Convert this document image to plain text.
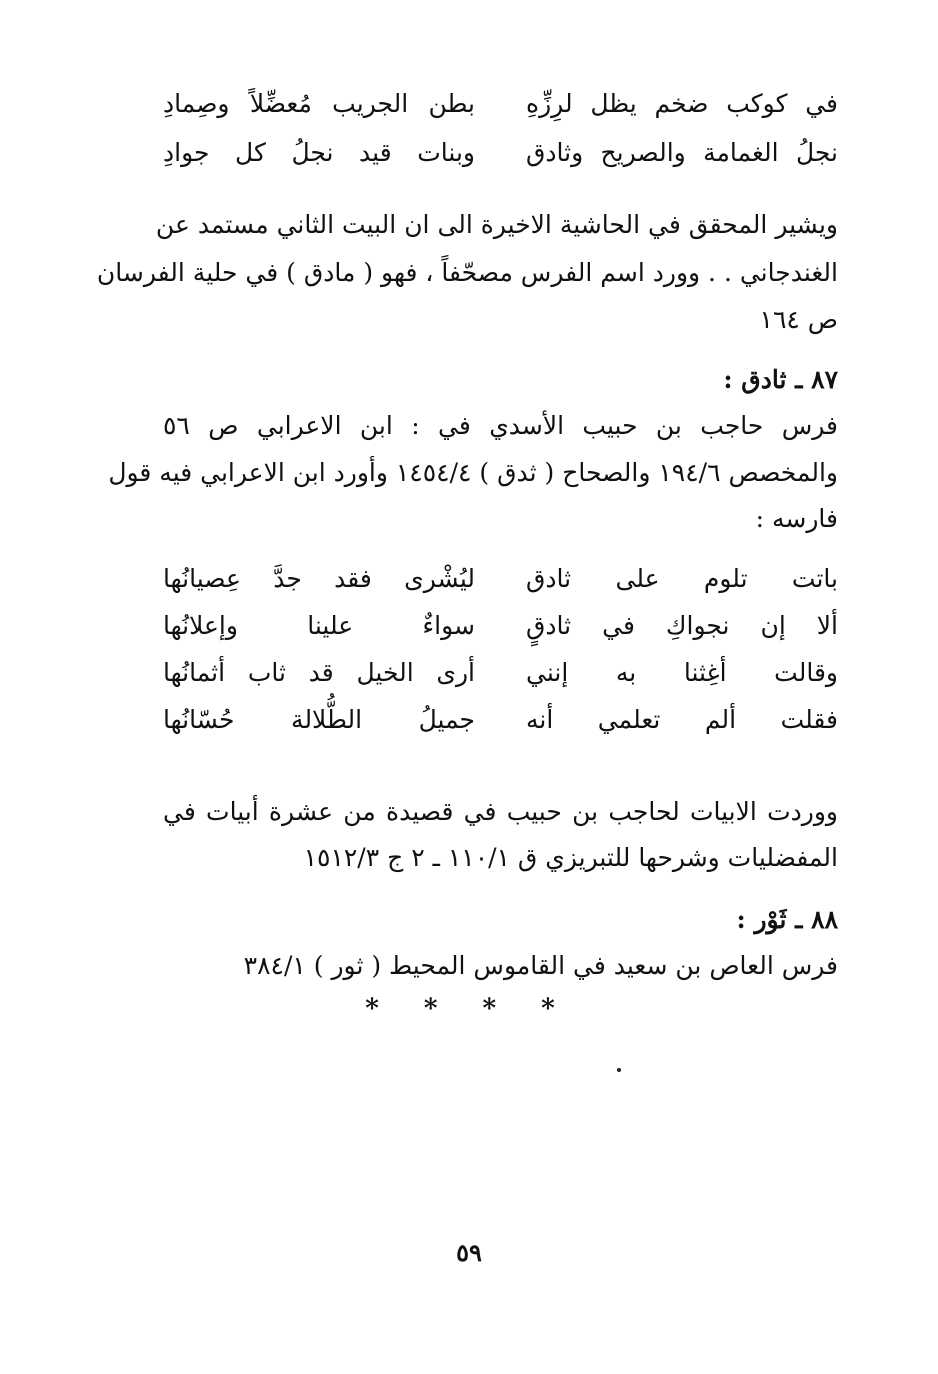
في كوكب ضخم يظل لرِزِّهِ
بطن الجريب مُعضِّلاً وصِمادِ
نجلُ الغمامة والصريح وثادق
وبنات قيد نجلُ كل جوادِ
ويشير المحقق في الحاشية الاخيرة الى ان البيت الثاني مستمد عن
الغندجاني . . وورد اسم الفرس مصحّفاً ، فهو ( مادق ) في حلية الفرسان
ص ١٦٤
٨٧ ـ ثادق :
فرس حاجب بن حبيب الأسدي في : ابن الاعرابي ص ٥٦
والمخصص ١٩٤/٦ والصحاح ( ثدق ) ١٤٥٤/٤ وأورد ابن الاعرابي فيه قول
فارسه :
باتت تلوم على ثادق
ليُشْرى فقد جدَّ عِصيانُها
ألا إن نجواكِ في ثادقٍ
سواءٌ علينا وإعلانُها
وقالت أغِثنا به إنني
أرى الخيل قد ثاب أثمانُها
فقلت ألم تعلمي أنه
جميلُ الطُّلالة حُسّانُها
ووردت الابيات لحاجب بن حبيب في قصيدة من عشرة أبيات في
المفضليات وشرحها للتبريزي ق ١١٠/١ ـ ٢ ج ١٥١٢/٣
٨٨ ـ ثَوْر :
فرس العاص بن سعيد في القاموس المحيط ( ثور ) ٣٨٤/١
* * * *
٥٩
